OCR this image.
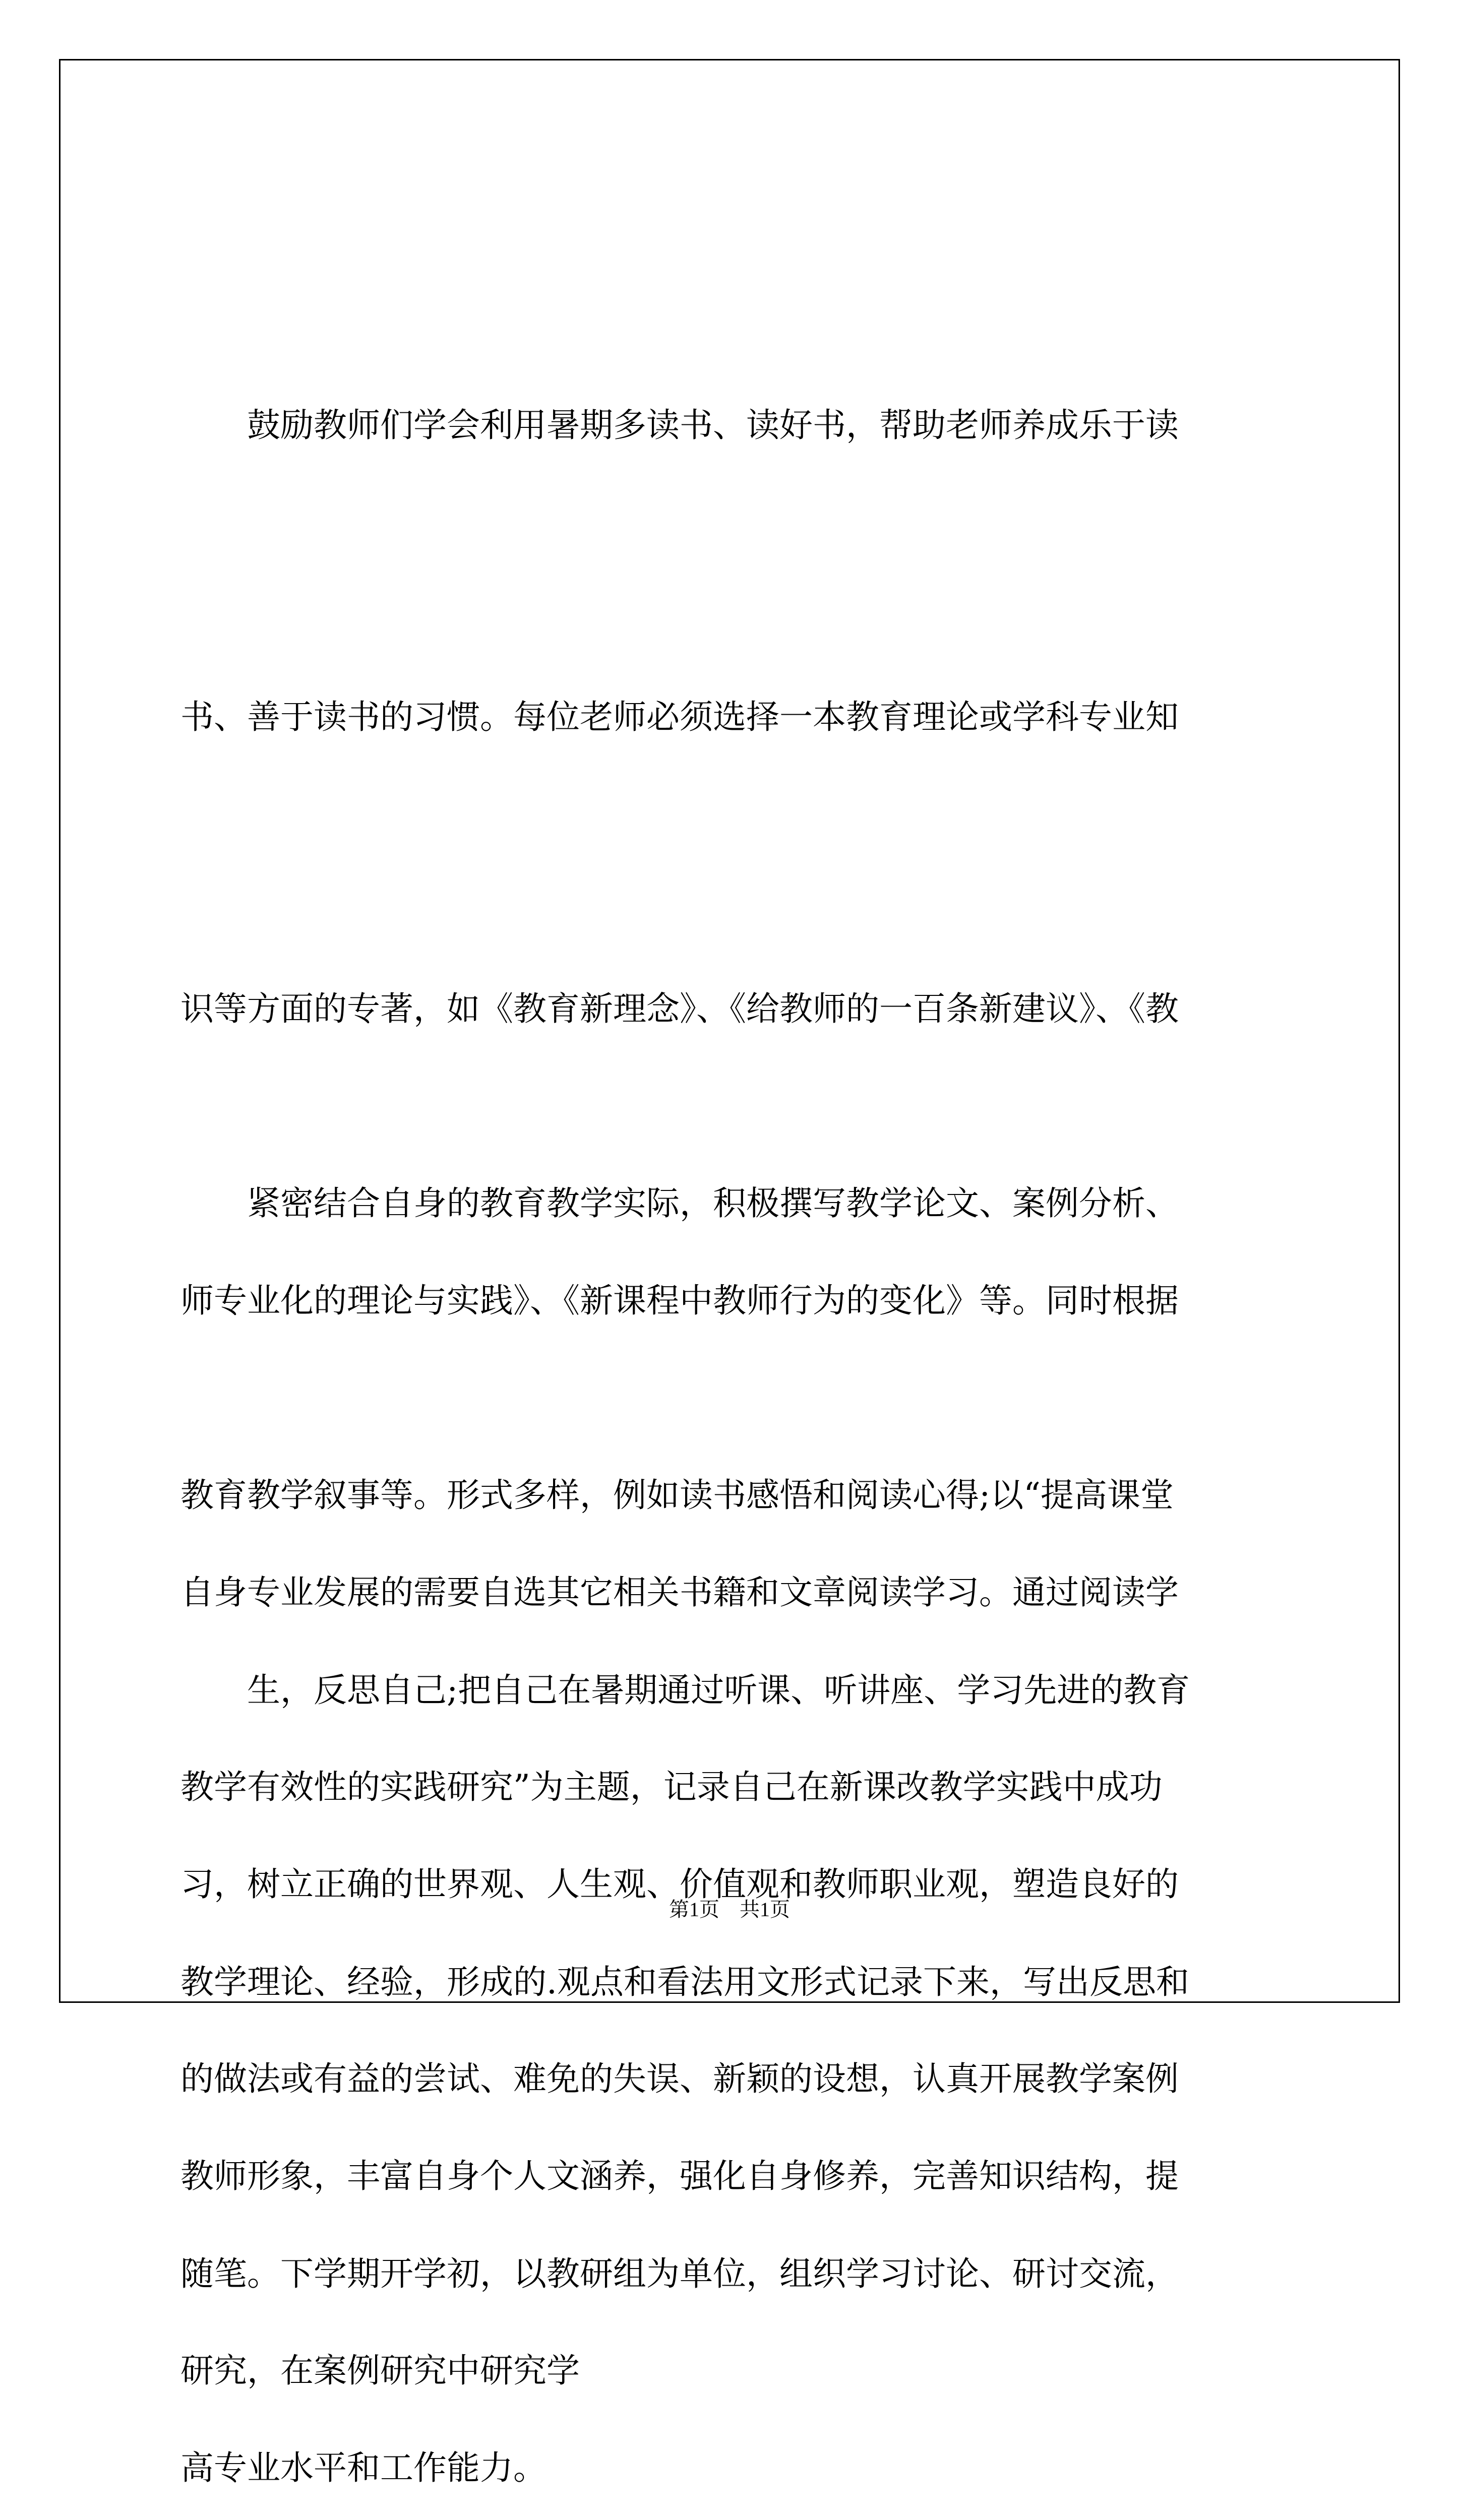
　　鼓励教师们学会利用暑期多读书、读好书，帮助老师养成乐于读

书、善于读书的习惯。每位老师必须选择一本教育理论或学科专业知

识等方面的专著，如《教育新理念》、《给教师的一百条新建议》、《教

师专业化的理论与实践》、《新课程中教师行为的变化》等。同时根据

自身专业发展的需要自选其它相关书籍和文章阅读学习。通过阅读学

习，树立正确的世界观、人生观、价值观和教师职业观，塑造良好的

教师形象，丰富自身个人文涵养，强化自身修养，完善知识结构，提

高专业水平和工作能力。

　　紧密结合自身的教育教学实际，积极撰写教学论文、案例分析、

教育教学叙事等。形式多样，例如读书感悟和阅读心得;以“提高课堂

教学有效性的实践研究”为主题，记录自己在新课改教学实践中成功

的做法或有益的尝试、难免的失误、新颖的设想，认真开展教学案例

研究，在案例研究中研究学

　　生，反思自己;把自己在暑期通过听课、听讲座、学习先进的教育

教学理论、经验，形成的.观点和看法用文形式记录下来，写出反思和

随笔。下学期开学初，以教研组为单位，组织学习讨论、研讨交流，

第1页　共1页
